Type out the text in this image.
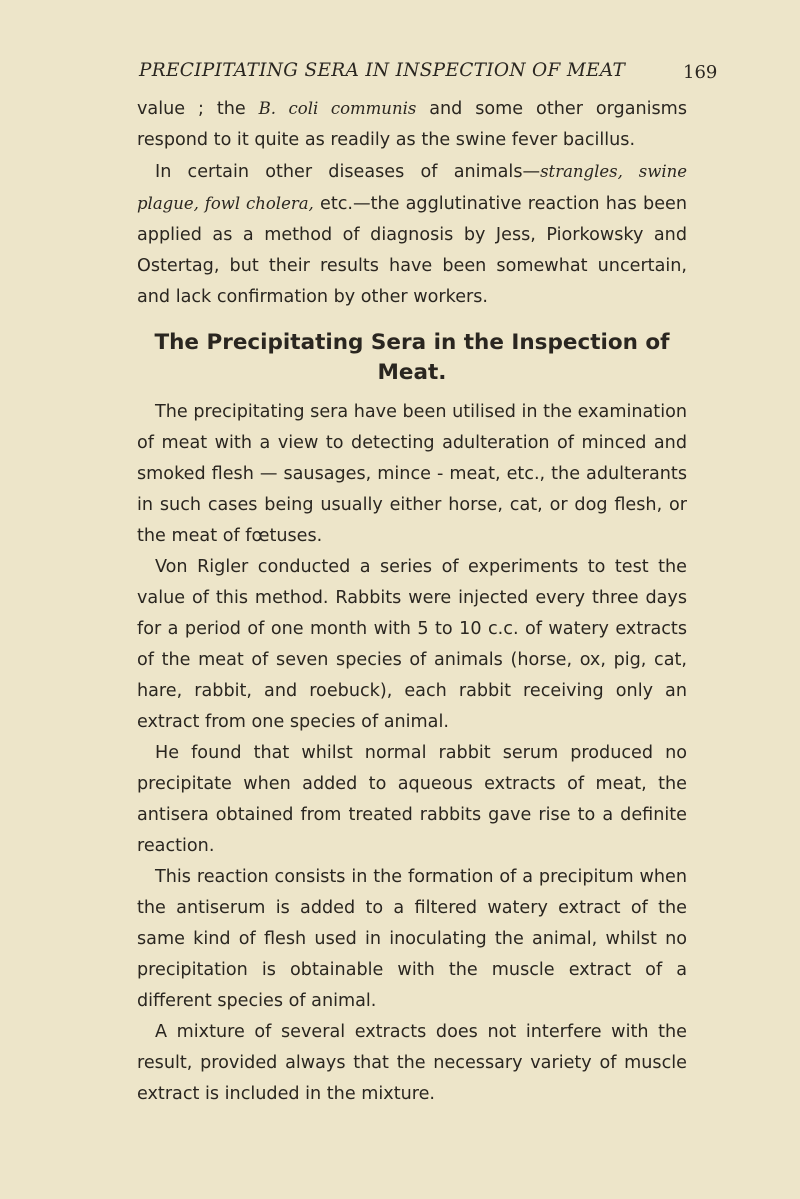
PRECIPITATING SERA IN INSPECTION OF MEAT	169

value ; the B. coli communis and some other organisms respond to it quite as readily as the swine fever bacillus.

In certain other diseases of animals—strangles, swine plague, fowl cholera, etc.—the agglutinative reaction has been applied as a method of diagnosis by Jess, Piorkowsky and Ostertag, but their results have been somewhat uncertain, and lack confirmation by other workers.

The Precipitating Sera in the Inspection of Meat.

The precipitating sera have been utilised in the examination of meat with a view to detecting adulteration of minced and smoked flesh — sausages, mince - meat, etc., the adulterants in such cases being usually either horse, cat, or dog flesh, or the meat of fœtuses.

Von Rigler conducted a series of experiments to test the value of this method. Rabbits were injected every three days for a period of one month with 5 to 10 c.c. of watery extracts of the meat of seven species of animals (horse, ox, pig, cat, hare, rabbit, and roebuck), each rabbit receiving only an extract from one species of animal.

He found that whilst normal rabbit serum produced no precipitate when added to aqueous extracts of meat, the antisera obtained from treated rabbits gave rise to a definite reaction.

This reaction consists in the formation of a precipitum when the antiserum is added to a filtered watery extract of the same kind of flesh used in inoculating the animal, whilst no precipitation is obtainable with the muscle extract of a different species of animal.

A mixture of several extracts does not interfere with the result, provided always that the necessary variety of muscle extract is included in the mixture.
